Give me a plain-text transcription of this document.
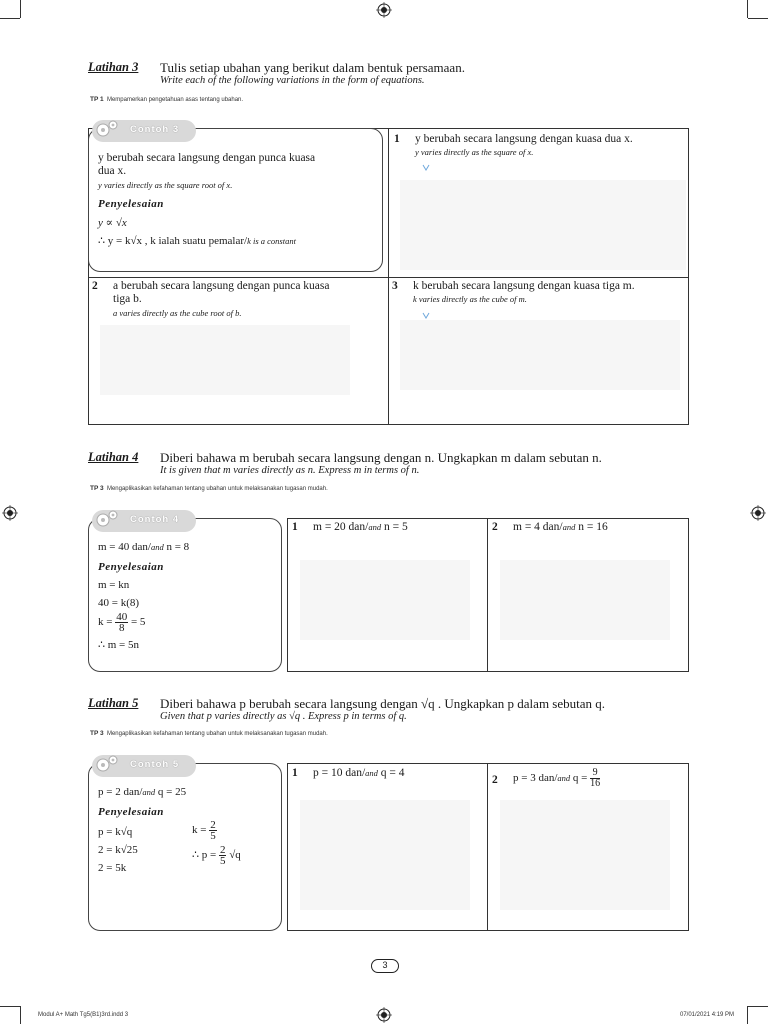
Latihan 3 Tulis setiap ubahan yang berikut dalam bentuk persamaan.
Write each of the following variations in the form of equations.
TP 1 Mempamerkan pengetahuan asas tentang ubahan.
Contoh 3
y berubah secara langsung dengan punca kuasa
dua x.
y varies directly as the square root of x.
Penyelesaian
y ∝ √x
∴ y = k√x , k ialah suatu pemalar/k is a constant
1 y berubah secara langsung dengan kuasa dua x.
y varies directly as the square of x.
2 a berubah secara langsung dengan punca kuasa
tiga b.
a varies directly as the cube root of b.
3 k berubah secara langsung dengan kuasa tiga m.
k varies directly as the cube of m.
Latihan 4 Diberi bahawa m berubah secara langsung dengan n. Ungkapkan m dalam sebutan n.
It is given that m varies directly as n. Express m in terms of n.
TP 3 Mengaplikasikan kefahaman tentang ubahan untuk melaksanakan tugasan mudah.
Contoh 4
m = 40 dan/and n = 8
Penyelesaian
m = kn
40 = k(8)
$k = \frac{40}{8} = 5$
∴ m = 5n
1 m = 20 dan/and n = 5	2 m = 4 dan/and n = 16
Latihan 5 Diberi bahawa p berubah secara langsung dengan √q . Ungkapkan p dalam sebutan q.
Given that p varies directly as √q . Express p in terms of q.
TP 3 Mengaplikasikan kefahaman tentang ubahan untuk melaksanakan tugasan mudah.
Contoh 5
p = 2 dan/and q = 25
Penyelesaian
p = k√q
2 = k√25
2 = 5k
$k = \frac{2}{5}$
∴ $p = \frac{2}{5} √q$
1 p = 10 dan/and q = 4
2 p = 3 dan/and $q = \frac{9}{16}$
3
Modul A+ Math Tg5(B1)3rd.indd 3	07/01/2021 4:19 PM
